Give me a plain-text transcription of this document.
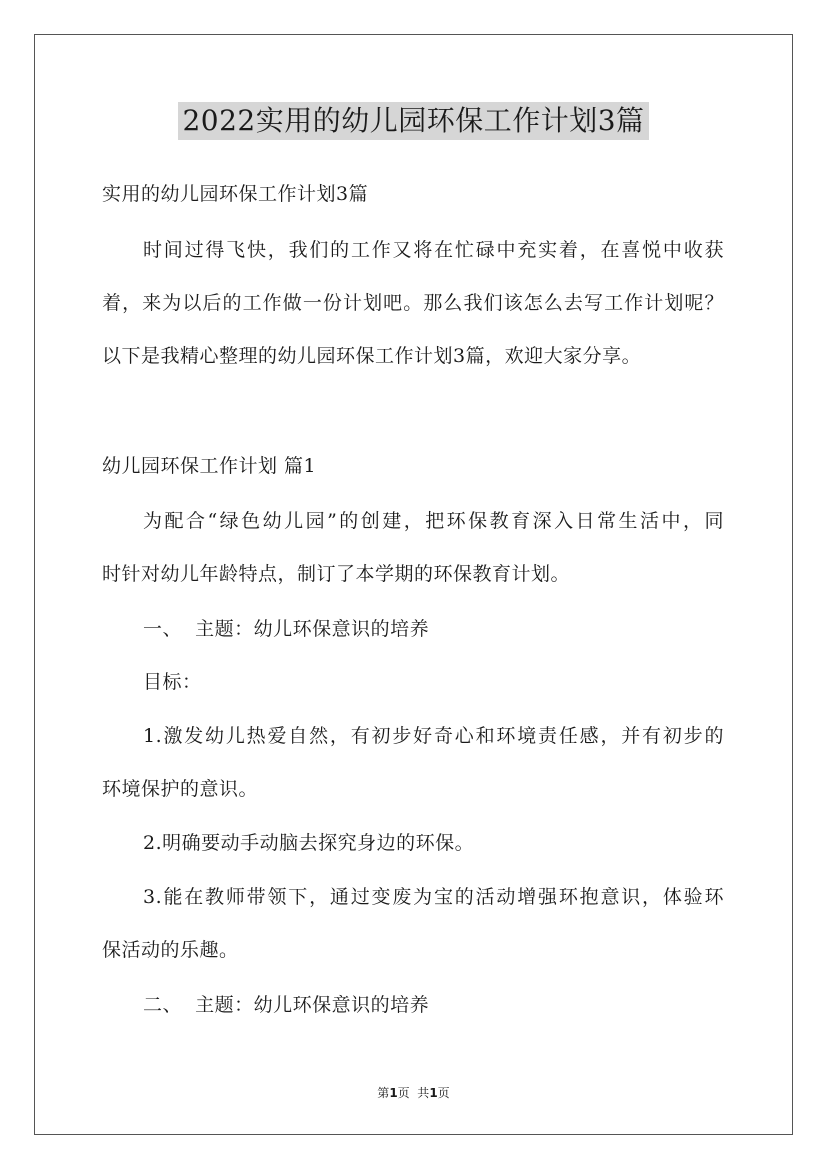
2022实用的幼儿园环保工作计划3篇

实用的幼儿园环保工作计划3篇

时间过得飞快，我们的工作又将在忙碌中充实着，在喜悦中收获

着，来为以后的工作做一份计划吧。那么我们该怎么去写工作计划呢？

以下是我精心整理的幼儿园环保工作计划3篇，欢迎大家分享。

幼儿园环保工作计划 篇1

为配合“绿色幼儿园”的创建，把环保教育深入日常生活中，同

时针对幼儿年龄特点，制订了本学期的环保教育计划。

一、  主题：幼儿环保意识的培养

目标：

1.激发幼儿热爱自然，有初步好奇心和环境责任感，并有初步的

环境保护的意识。

2.明确要动手动脑去探究身边的环保。

3.能在教师带领下，通过变废为宝的活动增强环抱意识，体验环

保活动的乐趣。

二、  主题：幼儿环保意识的培养

第1页  共1页
